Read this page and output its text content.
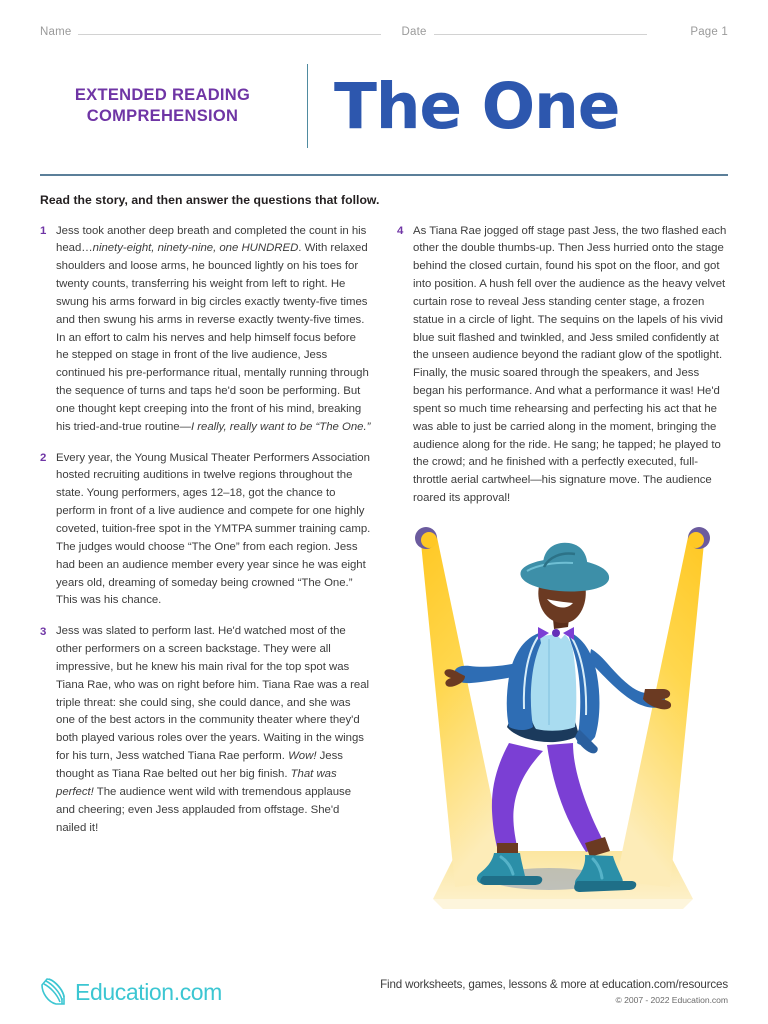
Name	Date	Page 1
EXTENDED READING
COMPREHENSION	The One
Read the story, and then answer the questions that follow.
1 Jess took another deep breath and completed the count in his head…ninety-eight, ninety-nine, one HUNDRED. With relaxed shoulders and loose arms, he bounced lightly on his toes for twenty counts, transferring his weight from left to right. He swung his arms forward in big circles exactly twenty-five times and then swung his arms in reverse exactly twenty-five times. In an effort to calm his nerves and help himself focus before he stepped on stage in front of the live audience, Jess continued his pre-performance ritual, mentally running through the sequence of turns and taps he'd soon be performing. But one thought kept creeping into the front of his mind, breaking his tried-and-true routine—I really, really want to be “The One.”
2 Every year, the Young Musical Theater Performers Association hosted recruiting auditions in twelve regions throughout the state. Young performers, ages 12–18, got the chance to perform in front of a live audience and compete for one highly coveted, tuition-free spot in the YMTPA summer training camp. The judges would choose “The One” from each region. Jess had been an audience member every year since he was eight years old, dreaming of someday being crowned “The One.” This was his chance.
3 Jess was slated to perform last. He'd watched most of the other performers on a screen backstage. They were all impressive, but he knew his main rival for the top spot was Tiana Rae, who was on right before him. Tiana Rae was a real triple threat: she could sing, she could dance, and she was one of the best actors in the community theater where they'd both played various roles over the years. Waiting in the wings for his turn, Jess watched Tiana Rae perform. Wow! Jess thought as Tiana Rae belted out her big finish. That was perfect! The audience went wild with tremendous applause and cheering; even Jess applauded from offstage. She'd nailed it!
4 As Tiana Rae jogged off stage past Jess, the two flashed each other the double thumbs-up. Then Jess hurried onto the stage behind the closed curtain, found his spot on the floor, and got into position. A hush fell over the audience as the heavy velvet curtain rose to reveal Jess standing center stage, a frozen statue in a circle of light. The sequins on the lapels of his vivid blue suit flashed and twinkled, and Jess smiled confidently at the unseen audience beyond the radiant glow of the spotlight. Finally, the music soared through the speakers, and Jess began his performance. And what a performance it was! He'd spent so much time rehearsing and perfecting his act that he was able to just be carried along in the moment, bringing the audience along for the ride. He sang; he tapped; he played to the crowd; and he finished with a perfectly executed, full-throttle aerial cartwheel—his signature move. The audience roared its approval!
Education.com	Find worksheets, games, lessons & more at education.com/resources
© 2007 - 2022 Education.com
